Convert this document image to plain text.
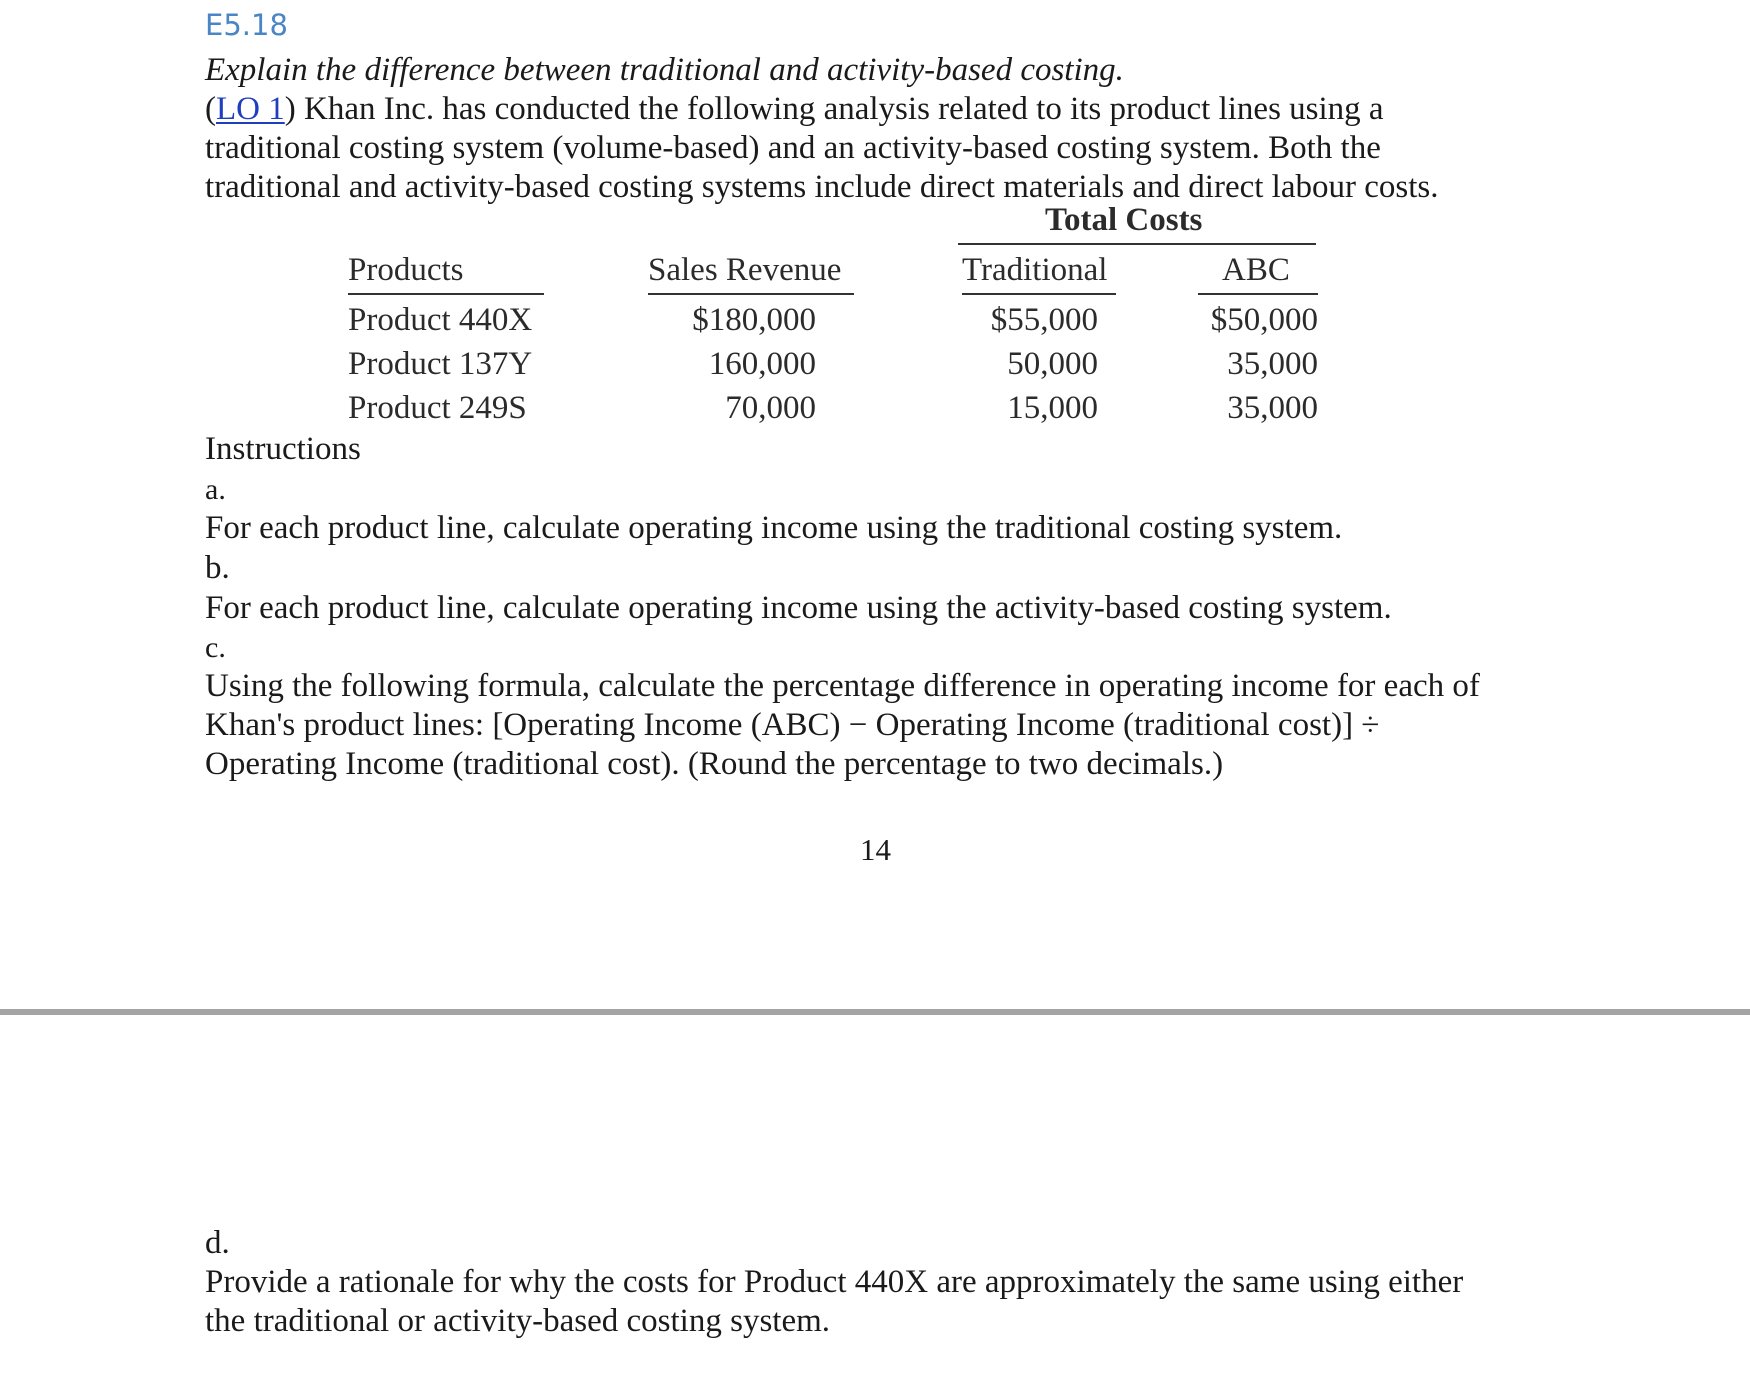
E5.18
Explain the difference between traditional and activity-based costing.
(LO 1) Khan Inc. has conducted the following analysis related to its product lines using a
traditional costing system (volume-based) and an activity-based costing system. Both the
traditional and activity-based costing systems include direct materials and direct labour costs.
Total Costs
Products	Sales Revenue	Traditional	ABC
Product 440X	$180,000	$55,000	$50,000
Product 137Y	160,000	50,000	35,000
Product 249S	70,000	15,000	35,000
Instructions
a.
For each product line, calculate operating income using the traditional costing system.
b.
For each product line, calculate operating income using the activity-based costing system.
c.
Using the following formula, calculate the percentage difference in operating income for each of
Khan's product lines: [Operating Income (ABC) − Operating Income (traditional cost)] ÷
Operating Income (traditional cost). (Round the percentage to two decimals.)
14
d.
Provide a rationale for why the costs for Product 440X are approximately the same using either
the traditional or activity-based costing system.
